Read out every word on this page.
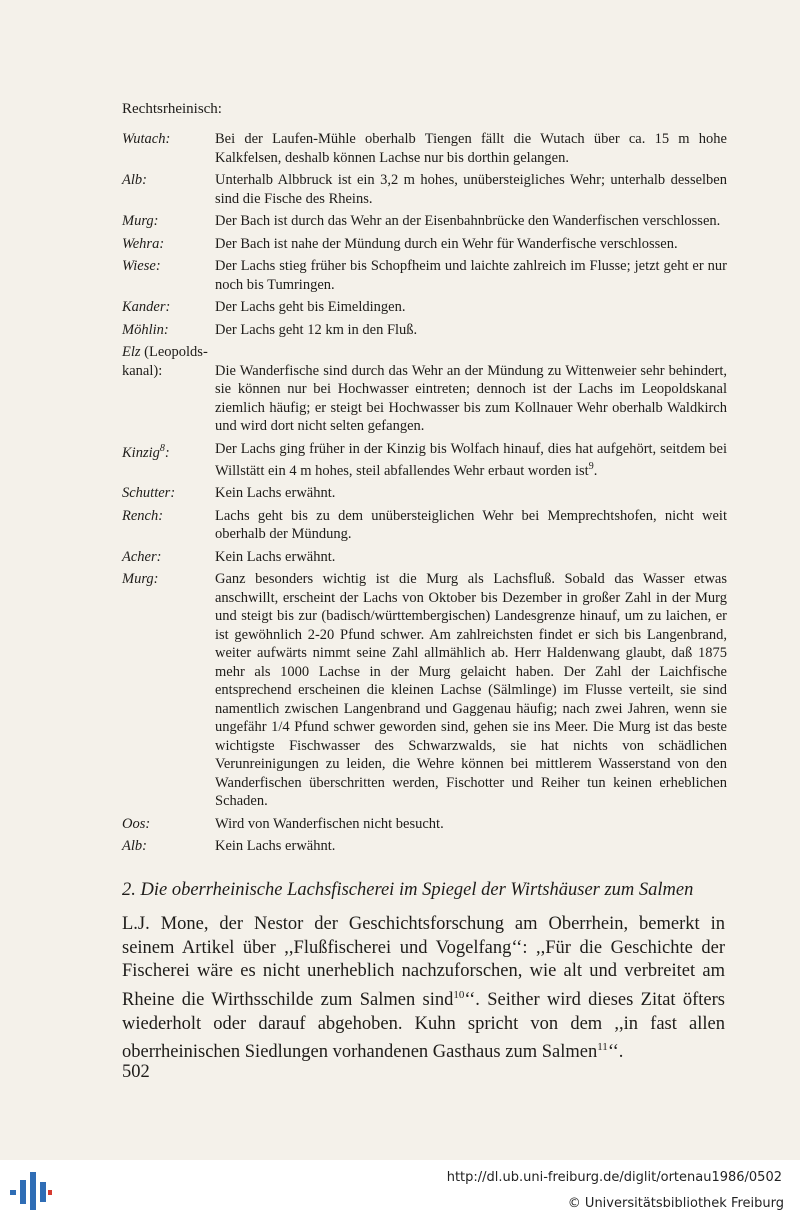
Rechtsrheinisch:
Wutach:	Bei der Laufen-Mühle oberhalb Tiengen fällt die Wutach über ca. 15 m hohe Kalkfelsen, deshalb können Lachse nur bis dorthin gelangen.
Alb:	Unterhalb Albbruck ist ein 3,2 m hohes, unübersteigliches Wehr; unterhalb desselben sind die Fische des Rheins.
Murg:	Der Bach ist durch das Wehr an der Eisenbahnbrücke den Wanderfischen verschlossen.
Wehra:	Der Bach ist nahe der Mündung durch ein Wehr für Wanderfische verschlossen.
Wiese:	Der Lachs stieg früher bis Schopfheim und laichte zahlreich im Flusse; jetzt geht er nur noch bis Tumringen.
Kander:	Der Lachs geht bis Eimeldingen.
Möhlin:	Der Lachs geht 12 km in den Fluß.
Elz (Leopolds-
kanal):	Die Wanderfische sind durch das Wehr an der Mündung zu Wittenweier sehr behindert, sie können nur bei Hochwasser eintreten; dennoch ist der Lachs im Leopoldskanal ziemlich häufig; er steigt bei Hochwasser bis zum Kollnauer Wehr oberhalb Waldkirch und wird dort nicht selten gefangen.
Kinzig$^8$:	Der Lachs ging früher in der Kinzig bis Wolfach hinauf, dies hat aufgehört, seitdem bei Willstätt ein 4 m hohes, steil abfallendes Wehr erbaut worden ist$^9$.
Schutter:	Kein Lachs erwähnt.
Rench:	Lachs geht bis zu dem unübersteiglichen Wehr bei Memprechtshofen, nicht weit oberhalb der Mündung.
Acher:	Kein Lachs erwähnt.
Murg:	Ganz besonders wichtig ist die Murg als Lachsfluß. Sobald das Wasser etwas anschwillt, erscheint der Lachs von Oktober bis Dezember in großer Zahl in der Murg und steigt bis zur (badisch/württembergischen) Landesgrenze hinauf, um zu laichen, er ist gewöhnlich 2-20 Pfund schwer. Am zahlreichsten findet er sich bis Langenbrand, weiter aufwärts nimmt seine Zahl allmählich ab. Herr Haldenwang glaubt, daß 1875 mehr als 1000 Lachse in der Murg gelaicht haben. Der Zahl der Laichfische entsprechend erscheinen die kleinen Lachse (Sälmlinge) im Flusse verteilt, sie sind namentlich zwischen Langenbrand und Gaggenau häufig; nach zwei Jahren, wenn sie ungefähr 1/4 Pfund schwer geworden sind, gehen sie ins Meer. Die Murg ist das beste wichtigste Fischwasser des Schwarzwalds, sie hat nichts von schädlichen Verunreinigungen zu leiden, die Wehre können bei mittlerem Wasserstand von den Wanderfischen überschritten werden, Fischotter und Reiher tun keinen erheblichen Schaden.
Oos:	Wird von Wanderfischen nicht besucht.
Alb:	Kein Lachs erwähnt.
2. Die oberrheinische Lachsfischerei im Spiegel der Wirtshäuser zum Salmen
L.J. Mone, der Nestor der Geschichtsforschung am Oberrhein, bemerkt in seinem Artikel über ,,Flußfischerei und Vogelfang‘‘: ,,Für die Geschichte der Fischerei wäre es nicht unerheblich nachzuforschen, wie alt und verbreitet am Rheine die Wirthsschilde zum Salmen sind$^{10}$‘‘. Seither wird dieses Zitat öfters wiederholt oder darauf abgehoben. Kuhn spricht von dem ,,in fast allen oberrheinischen Siedlungen vorhandenen Gasthaus zum Salmen$^{11}$‘‘.
502
http://dl.ub.uni-freiburg.de/diglit/ortenau1986/0502
© Universitätsbibliothek Freiburg
